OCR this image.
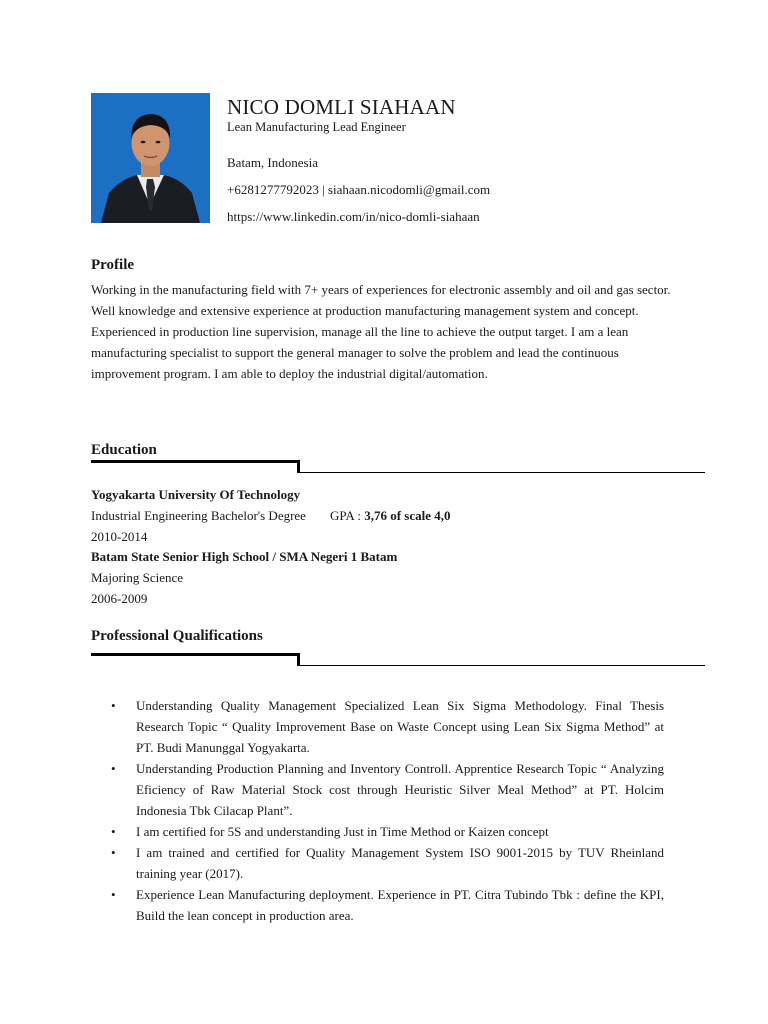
NICO DOMLI SIAHAAN
Lean Manufacturing Lead Engineer
Batam, Indonesia
+6281277792023 | siahaan.nicodomli@gmail.com
https://www.linkedin.com/in/nico-domli-siahaan
Profile
Working in the manufacturing field with 7+ years of experiences for electronic assembly and oil and gas sector. Well knowledge and extensive experience at production manufacturing management system and concept. Experienced in production line supervision, manage all the line to achieve the output target. I am a lean manufacturing specialist to support the general manager to solve the problem and lead the continuous improvement program. I am able to deploy the industrial digital/automation.
Education
Yogyakarta University Of Technology
Industrial Engineering Bachelor's Degree GPA : 3,76 of scale 4,0
2010-2014
Batam State Senior High School / SMA Negeri 1 Batam
Majoring Science
2006-2009
Professional Qualifications
• Understanding Quality Management Specialized Lean Six Sigma Methodology. Final Thesis Research Topic “ Quality Improvement Base on Waste Concept using Lean Six Sigma Method” at PT. Budi Manunggal Yogyakarta.
• Understanding Production Planning and Inventory Controll. Apprentice Research Topic “ Analyzing Eficiency of Raw Material Stock cost through Heuristic Silver Meal Method” at PT. Holcim Indonesia Tbk Cilacap Plant”.
• I am certified for 5S and understanding Just in Time Method or Kaizen concept
• I am trained and certified for Quality Management System ISO 9001-2015 by TUV Rheinland training year (2017).
• Experience Lean Manufacturing deployment. Experience in PT. Citra Tubindo Tbk : define the KPI, Build the lean concept in production area.
